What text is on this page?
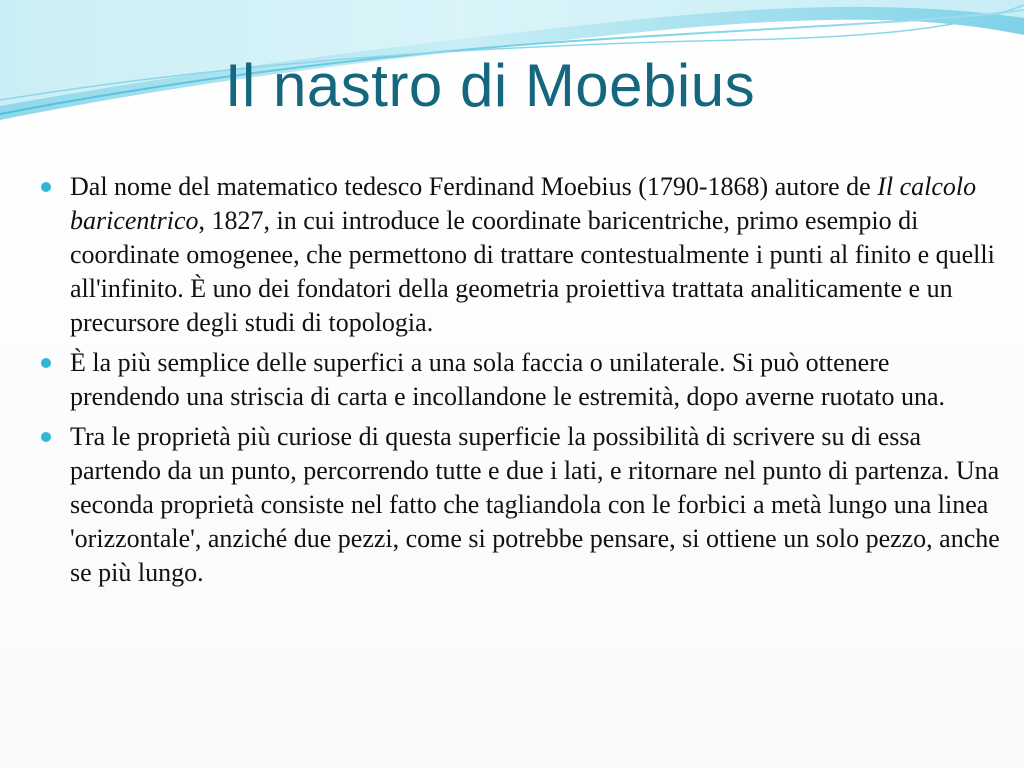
Il nastro di Moebius
Dal nome del matematico tedesco Ferdinand Moebius (1790-1868) autore de Il calcolo baricentrico, 1827, in cui introduce le coordinate baricentriche, primo esempio di coordinate omogenee, che permettono di trattare contestualmente i punti al finito e quelli all'infinito. È uno dei fondatori della geometria proiettiva trattata analiticamente e un precursore degli studi di topologia.
È la più semplice delle superfici a una sola faccia o unilaterale. Si può ottenere prendendo una striscia di carta e incollandone le estremità, dopo averne ruotato una.
Tra le proprietà più curiose di questa superficie la possibilità di scrivere su di essa partendo da un punto, percorrendo tutte e due i lati, e ritornare nel punto di partenza. Una seconda proprietà consiste nel fatto che tagliandola con le forbici a metà lungo una linea 'orizzontale', anziché due pezzi, come si potrebbe pensare, si ottiene un solo pezzo, anche se più lungo.
